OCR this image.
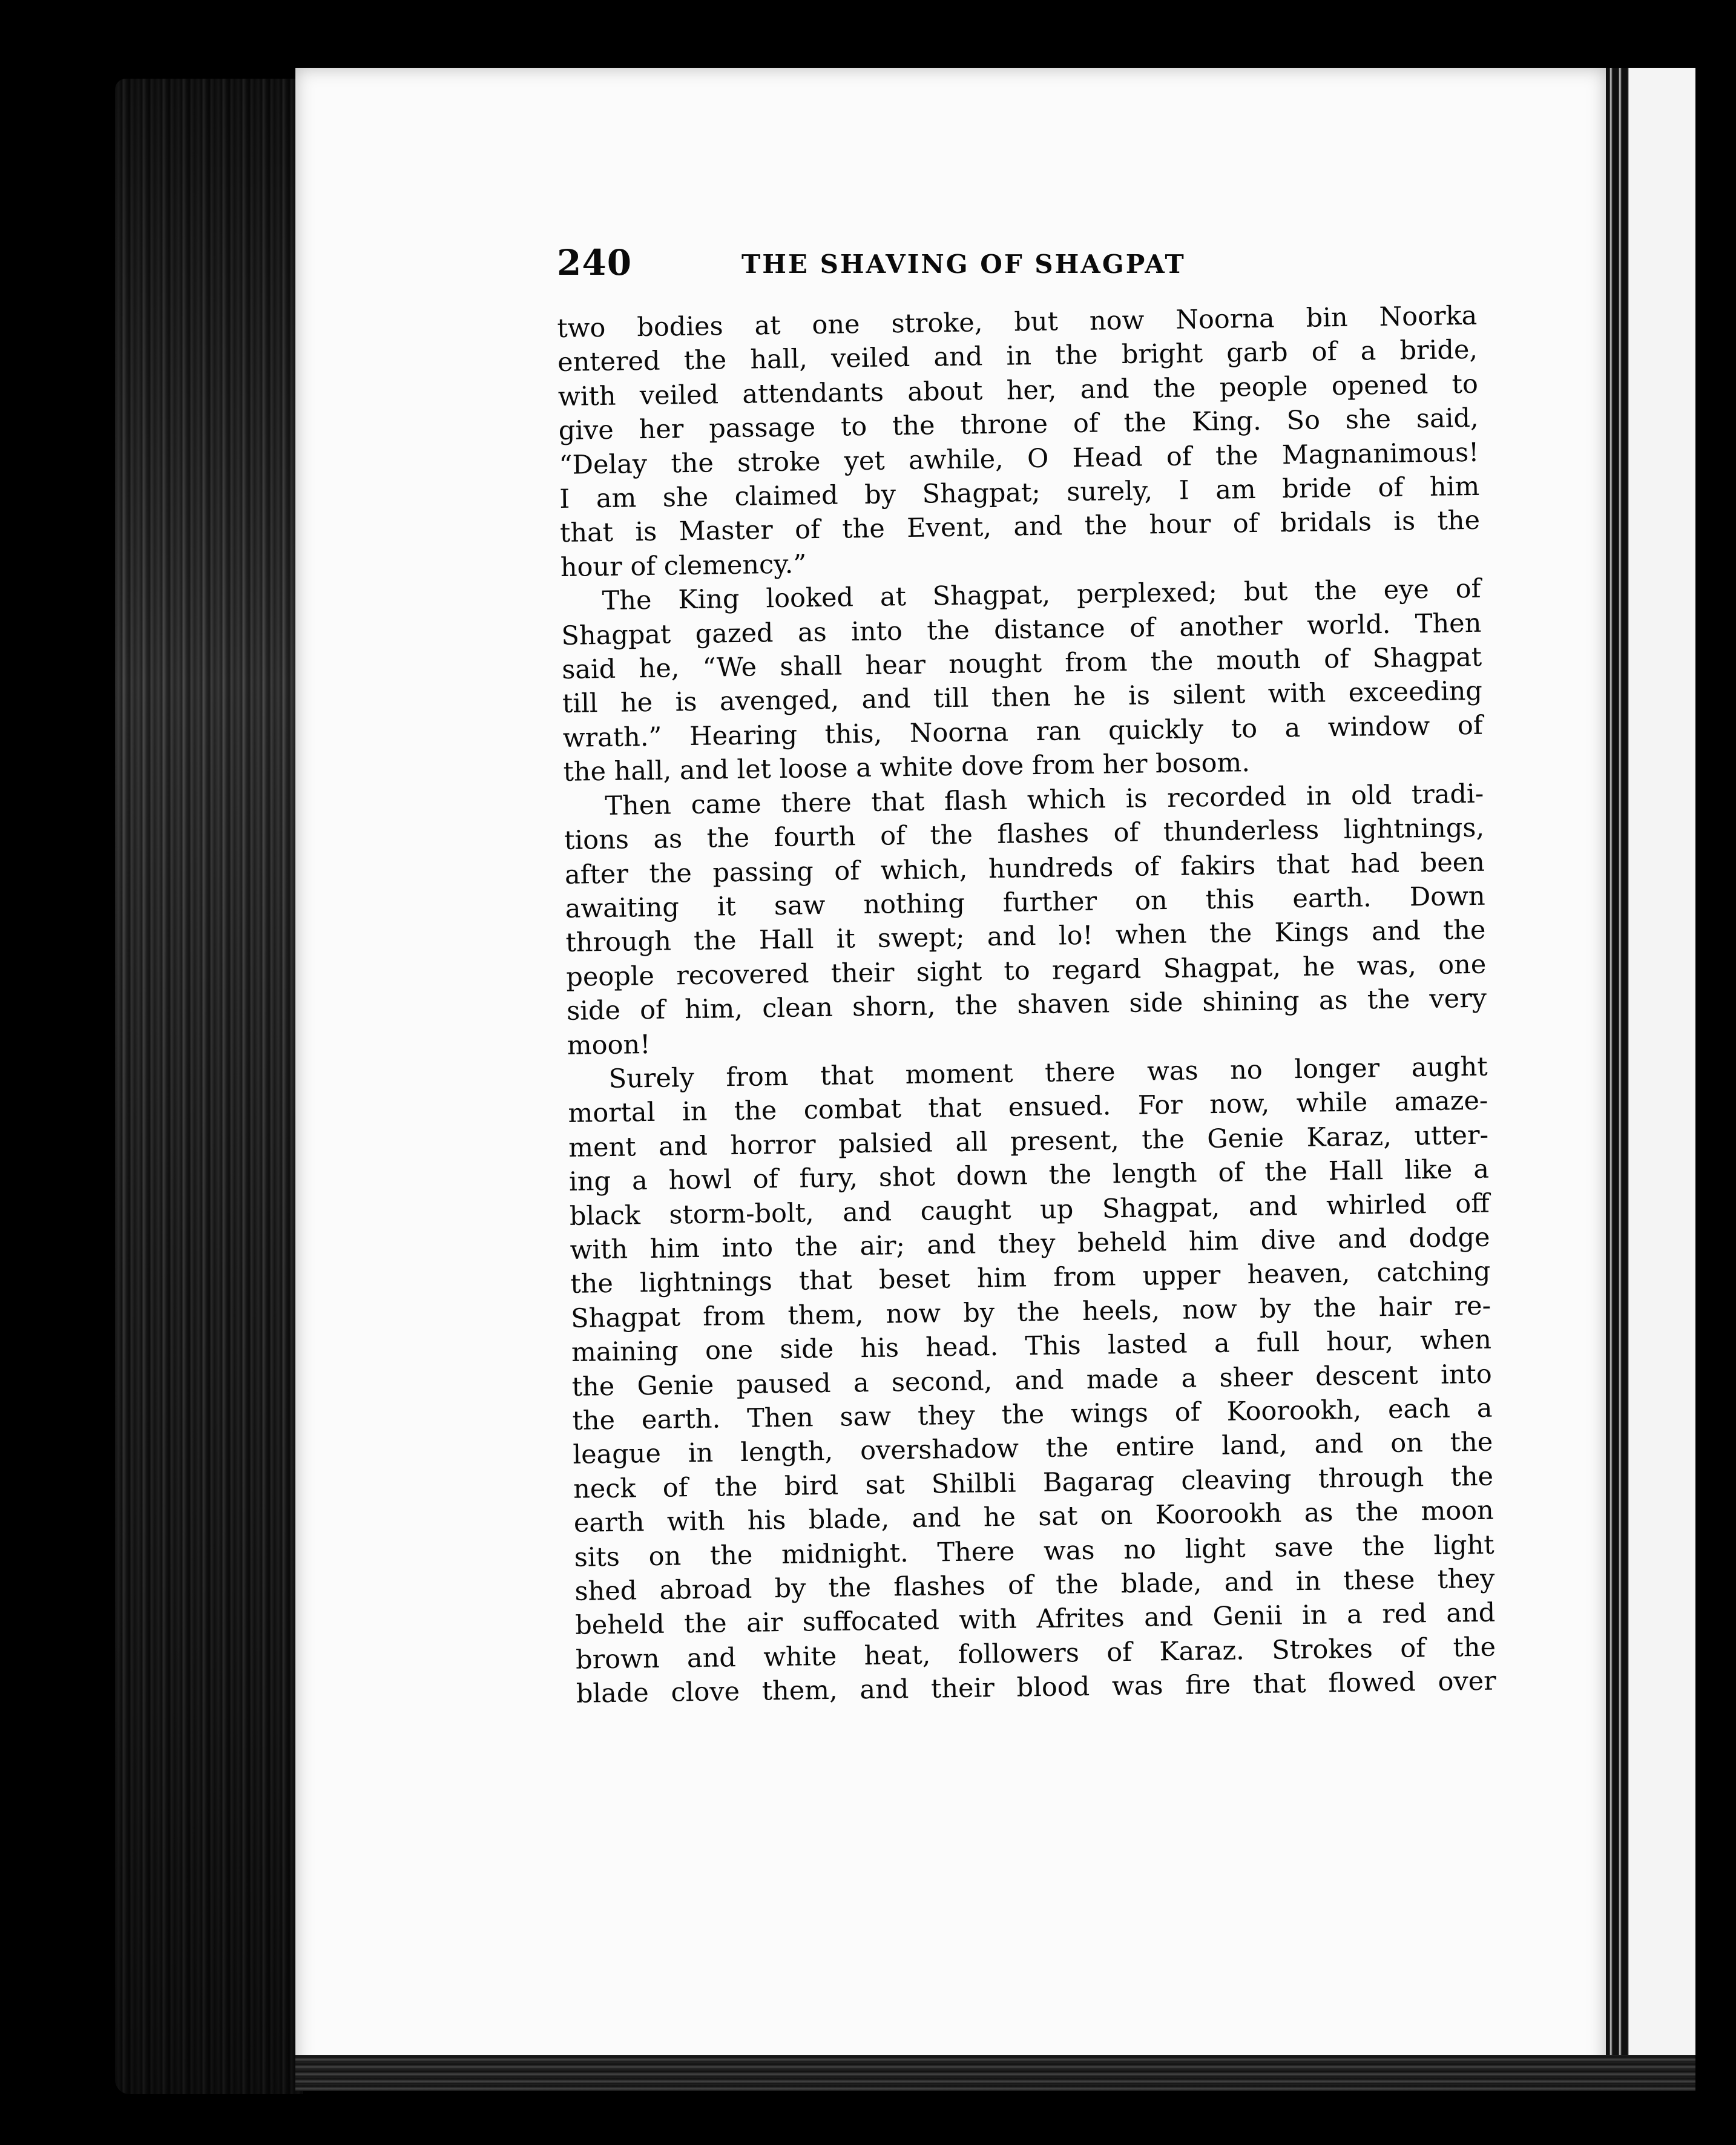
240	THE SHAVING OF SHAGPAT
two bodies at one stroke, but now Noorna bin Noorka
entered the hall, veiled and in the bright garb of a bride,
with veiled attendants about her, and the people opened to
give her passage to the throne of the King. So she said,
“Delay the stroke yet awhile, O Head of the Magnanimous!
I am she claimed by Shagpat; surely, I am bride of him
that is Master of the Event, and the hour of bridals is the
hour of clemency.”
The King looked at Shagpat, perplexed; but the eye of
Shagpat gazed as into the distance of another world. Then
said he, “We shall hear nought from the mouth of Shagpat
till he is avenged, and till then he is silent with exceeding
wrath.” Hearing this, Noorna ran quickly to a window of
the hall, and let loose a white dove from her bosom.
Then came there that flash which is recorded in old tradi-
tions as the fourth of the flashes of thunderless lightnings,
after the passing of which, hundreds of fakirs that had been
awaiting it saw nothing further on this earth. Down
through the Hall it swept; and lo! when the Kings and the
people recovered their sight to regard Shagpat, he was, one
side of him, clean shorn, the shaven side shining as the very
moon!
Surely from that moment there was no longer aught
mortal in the combat that ensued. For now, while amaze-
ment and horror palsied all present, the Genie Karaz, utter-
ing a howl of fury, shot down the length of the Hall like a
black storm-bolt, and caught up Shagpat, and whirled off
with him into the air; and they beheld him dive and dodge
the lightnings that beset him from upper heaven, catching
Shagpat from them, now by the heels, now by the hair re-
maining one side his head. This lasted a full hour, when
the Genie paused a second, and made a sheer descent into
the earth. Then saw they the wings of Koorookh, each a
league in length, overshadow the entire land, and on the
neck of the bird sat Shilbli Bagarag cleaving through the
earth with his blade, and he sat on Koorookh as the moon
sits on the midnight. There was no light save the light
shed abroad by the flashes of the blade, and in these they
beheld the air suffocated with Afrites and Genii in a red and
brown and white heat, followers of Karaz. Strokes of the
blade clove them, and their blood was fire that flowed over
